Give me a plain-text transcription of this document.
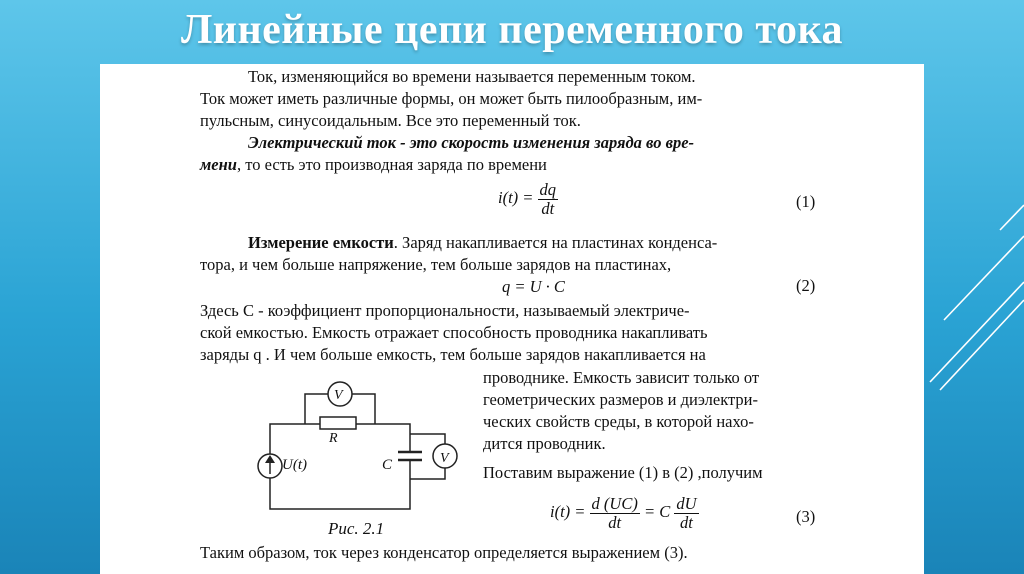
Линейные цепи переменного тока
Ток, изменяющийся во времени называется переменным током.
Ток может иметь различные формы, он может быть пилообразным, им-
пульсным, синусоидальным. Все это переменный ток.
Электрический ток - это скорость изменения заряда во вре-
мени, то есть это производная заряда по времени
$i(t) = \frac{dq}{dt}$	(1)
Измерение емкости. Заряд накапливается на пластинах конденса-
тора, и чем больше напряжение, тем больше зарядов на пластинах,
q = U · C	(2)
Здесь C - коэффициент пропорциональности, называемый электриче-
ской емкостью. Емкость отражает способность проводника накапливать
заряды q . И чем больше емкость, тем больше зарядов накапливается на
V
R
U(t)	C	V
Рис. 2.1
проводнике. Емкость зависит только от
геометрических размеров и диэлектри-
ческих свойств среды, в которой нахо-
дится проводник.
Поставим выражение (1) в (2) ,получим
$i(t) = \frac{d (UC)}{dt} = C \frac{dU}{dt}$	(3)
Таким образом, ток через конденсатор определяется выражением (3).
